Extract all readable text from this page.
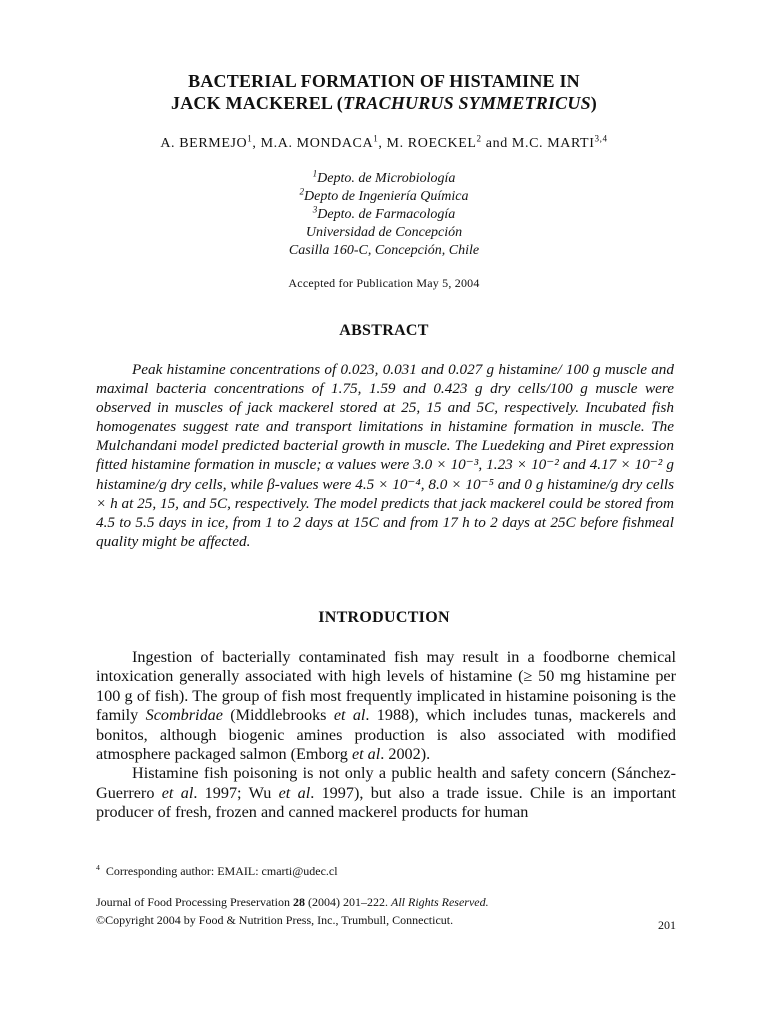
BACTERIAL FORMATION OF HISTAMINE IN
JACK MACKEREL (TRACHURUS SYMMETRICUS)
A. BERMEJO$^1$, M.A. MONDACA$^1$, M. ROECKEL$^2$ and M.C. MARTI$^{3,4}$
$^1$Depto. de Microbiología
$^2$Depto de Ingeniería Química
$^3$Depto. de Farmacología
Universidad de Concepción
Casilla 160-C, Concepción, Chile
Accepted for Publication May 5, 2004
ABSTRACT

Peak histamine concentrations of 0.023, 0.031 and 0.027 g histamine/ 100 g muscle and maximal bacteria concentrations of 1.75, 1.59 and 0.423 g dry cells/100 g muscle were observed in muscles of jack mackerel stored at 25, 15 and 5C, respectively. Incubated fish homogenates suggest rate and transport limitations in histamine formation in muscle. The Mulchandani model predicted bacterial growth in muscle. The Luedeking and Piret expression fitted histamine formation in muscle; α values were 3.0 × 10⁻³, 1.23 × 10⁻² and 4.17 × 10⁻² g histamine/g dry cells, while β-values were 4.5 × 10⁻⁴, 8.0 × 10⁻⁵ and 0 g histamine/g dry cells × h at 25, 15, and 5C, respectively. The model predicts that jack mackerel could be stored from 4.5 to 5.5 days in ice, from 1 to 2 days at 15C and from 17 h to 2 days at 25C before fishmeal quality might be affected.

INTRODUCTION

Ingestion of bacterially contaminated fish may result in a foodborne chemical intoxication generally associated with high levels of histamine (≥ 50 mg histamine per 100 g of fish). The group of fish most frequently implicated in histamine poisoning is the family Scombridae (Middlebrooks et al. 1988), which includes tunas, mackerels and bonitos, although biogenic amines production is also associated with modified atmosphere packaged salmon (Emborg et al. 2002).

Histamine fish poisoning is not only a public health and safety concern (Sánchez-Guerrero et al. 1997; Wu et al. 1997), but also a trade issue. Chile is an important producer of fresh, frozen and canned mackerel products for human

$^4$ Corresponding author: EMAIL: cmarti@udec.cl
Journal of Food Processing Preservation 28 (2004) 201–222. All Rights Reserved.
©Copyright 2004 by Food & Nutrition Press, Inc., Trumbull, Connecticut.	201
